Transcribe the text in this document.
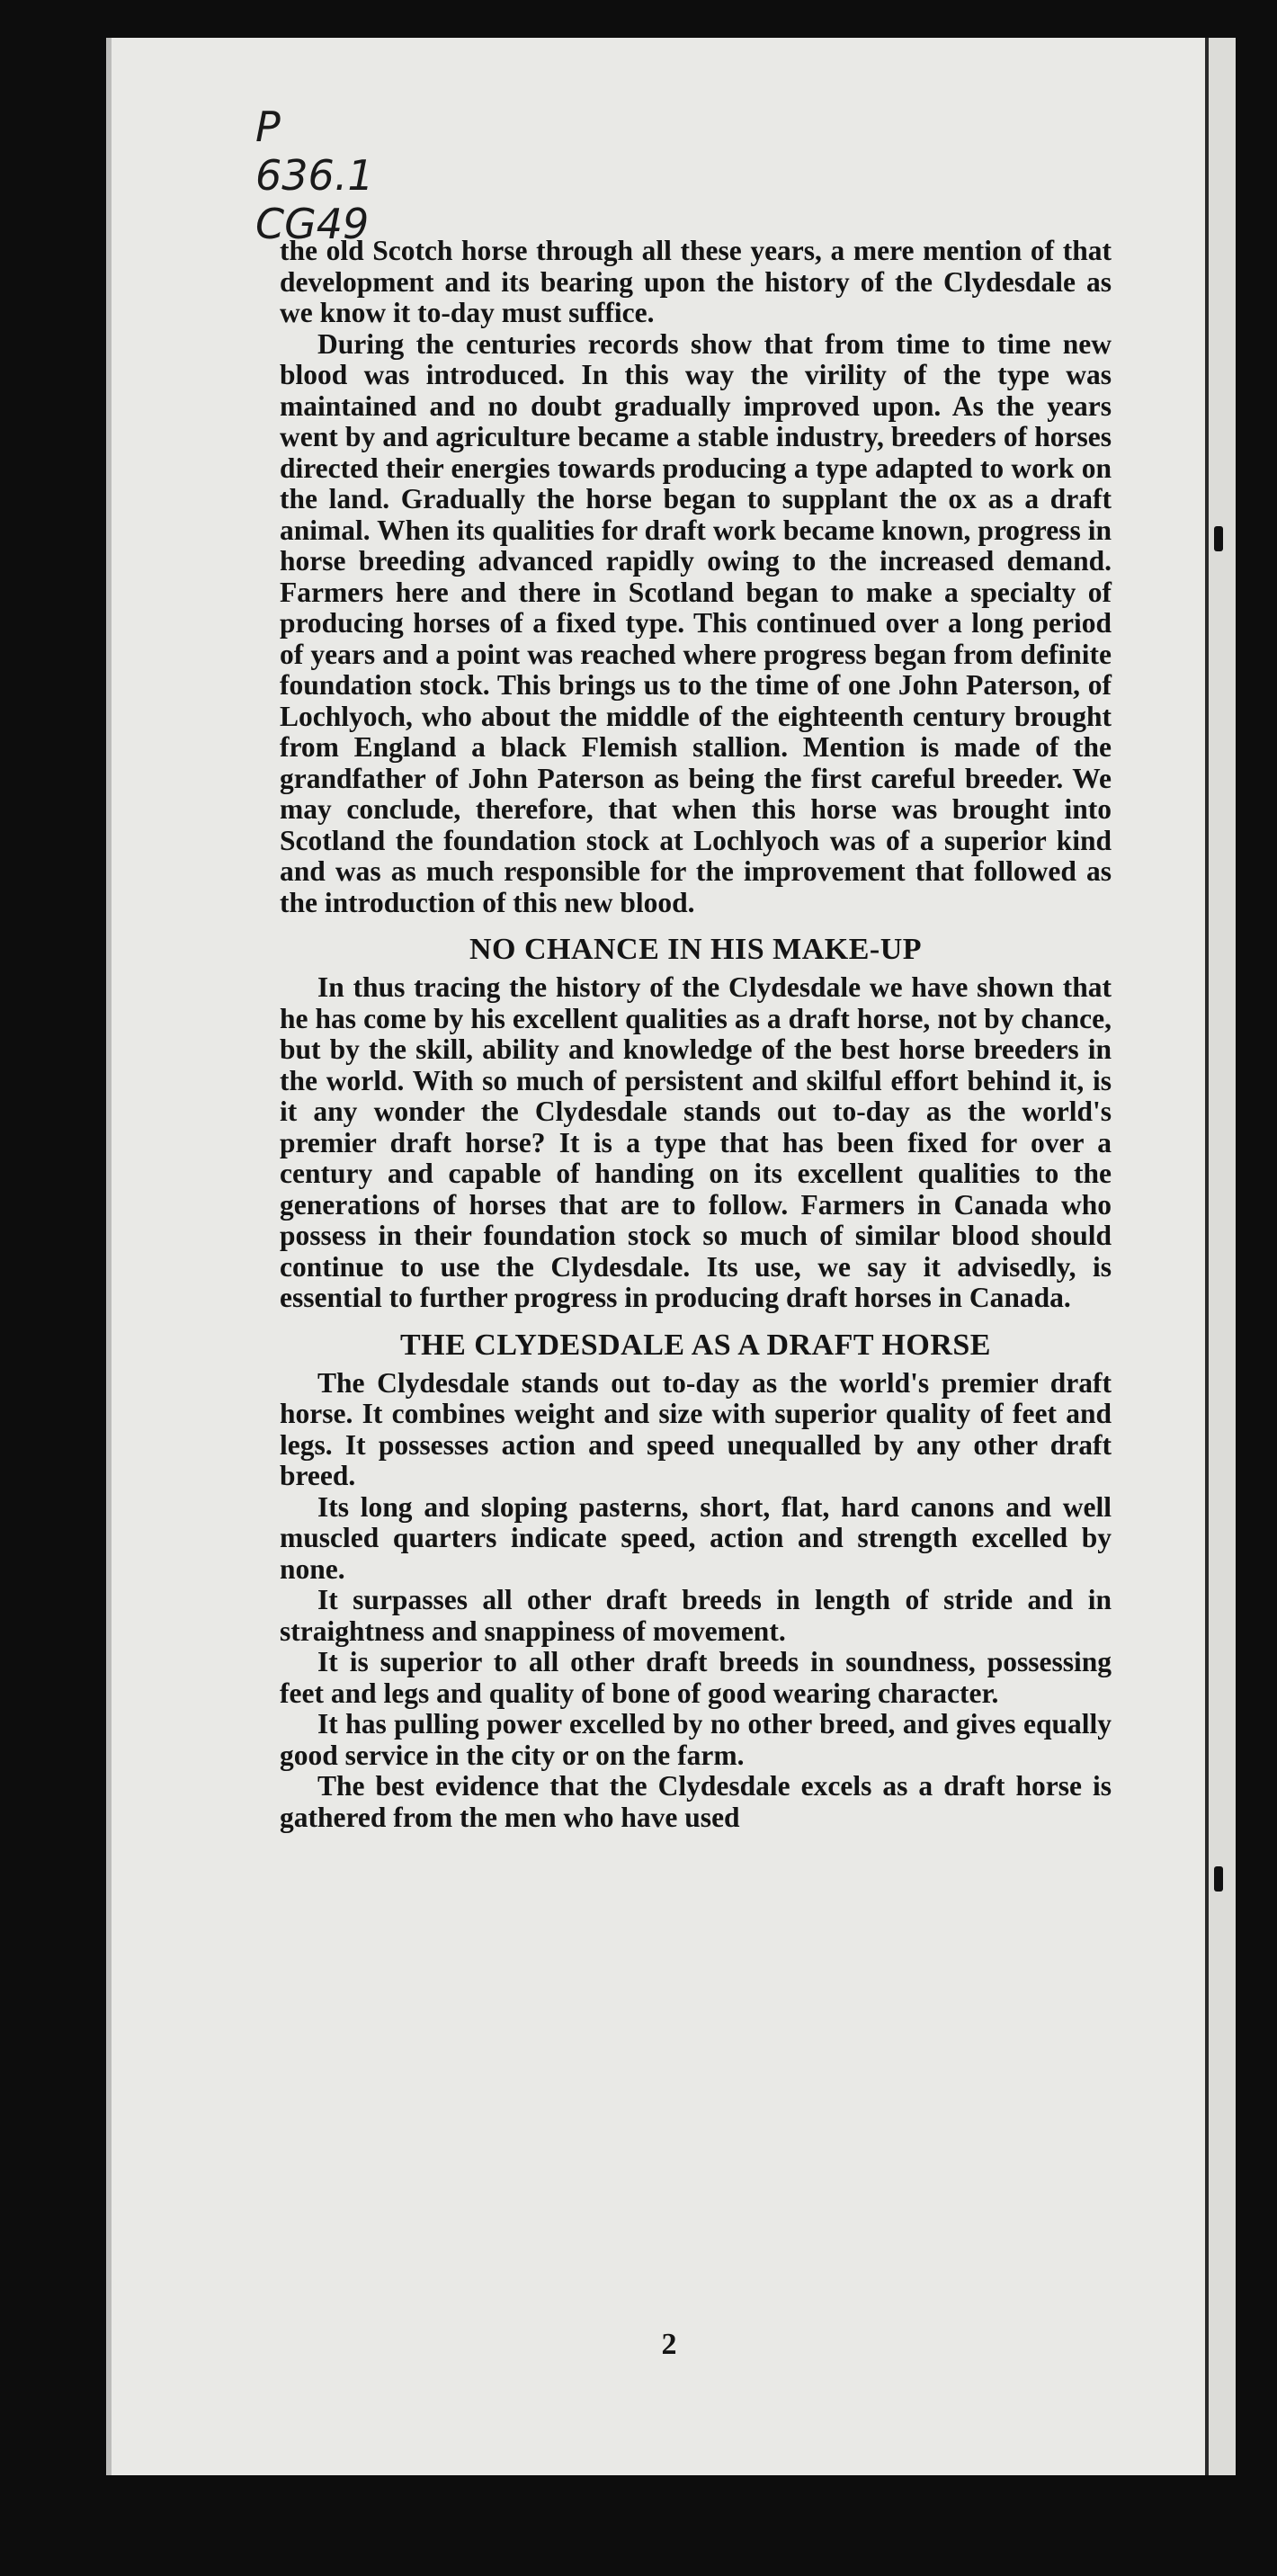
P
636.1
CG49

the old Scotch horse through all these years, a mere mention of that development and its bearing upon the history of the Clydesdale as we know it to-day must suffice.

During the centuries records show that from time to time new blood was introduced. In this way the virility of the type was maintained and no doubt gradually improved upon. As the years went by and agriculture became a stable industry, breeders of horses directed their energies towards producing a type adapted to work on the land. Gradually the horse began to supplant the ox as a draft animal. When its qualities for draft work became known, progress in horse breeding advanced rapidly owing to the increased demand. Farmers here and there in Scotland began to make a specialty of producing horses of a fixed type. This continued over a long period of years and a point was reached where progress began from definite foundation stock. This brings us to the time of one John Paterson, of Lochlyoch, who about the middle of the eighteenth century brought from England a black Flemish stallion. Mention is made of the grandfather of John Paterson as being the first careful breeder. We may conclude, therefore, that when this horse was brought into Scotland the foundation stock at Lochlyoch was of a superior kind and was as much responsible for the improvement that followed as the introduction of this new blood.

NO CHANCE IN HIS MAKE-UP

In thus tracing the history of the Clydesdale we have shown that he has come by his excellent qualities as a draft horse, not by chance, but by the skill, ability and knowledge of the best horse breeders in the world. With so much of persistent and skilful effort behind it, is it any wonder the Clydesdale stands out to-day as the world's premier draft horse? It is a type that has been fixed for over a century and capable of handing on its excellent qualities to the generations of horses that are to follow. Farmers in Canada who possess in their foundation stock so much of similar blood should continue to use the Clydesdale. Its use, we say it advisedly, is essential to further progress in producing draft horses in Canada.

THE CLYDESDALE AS A DRAFT HORSE

The Clydesdale stands out to-day as the world's premier draft horse. It combines weight and size with superior quality of feet and legs. It possesses action and speed unequalled by any other draft breed.

Its long and sloping pasterns, short, flat, hard canons and well muscled quarters indicate speed, action and strength excelled by none.

It surpasses all other draft breeds in length of stride and in straightness and snappiness of movement.

It is superior to all other draft breeds in soundness, possessing feet and legs and quality of bone of good wearing character.

It has pulling power excelled by no other breed, and gives equally good service in the city or on the farm.

The best evidence that the Clydesdale excels as a draft horse is gathered from the men who have used

2
